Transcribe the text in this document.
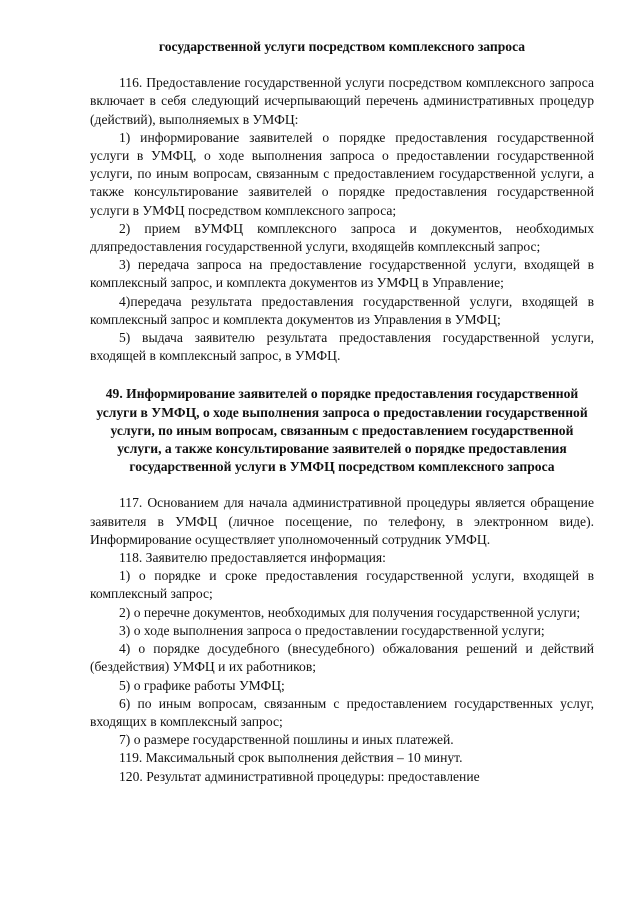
государственной услуги посредством комплексного запроса

116. Предоставление государственной услуги посредством комплексного запроса включает в себя следующий исчерпывающий перечень административных процедур (действий), выполняемых в УМФЦ:

1) информирование заявителей о порядке предоставления государственной услуги в УМФЦ, о ходе выполнения запроса о предоставлении государственной услуги, по иным вопросам, связанным с предоставлением государственной услуги, а также консультирование заявителей о порядке предоставления государственной услуги в УМФЦ посредством комплексного запроса;

2) прием вУМФЦ комплексного запроса и документов, необходимых дляпредоставления государственной услуги, входящейв комплексный запрос;

3) передача запроса на предоставление государственной услуги, входящей в комплексный запрос, и комплекта документов из УМФЦ в Управление;

4)передача результата предоставления государственной услуги, входящей в комплексный запрос и комплекта документов из Управления в УМФЦ;

5) выдача заявителю результата предоставления государственной услуги, входящей в комплексный запрос, в УМФЦ.

49. Информирование заявителей о порядке предоставления государственной услуги в УМФЦ, о ходе выполнения запроса о предоставлении государственной услуги, по иным вопросам, связанным с предоставлением государственной услуги, а также консультирование заявителей о порядке предоставления государственной услуги в УМФЦ посредством комплексного запроса

117. Основанием для начала административной процедуры является обращение заявителя в УМФЦ (личное посещение, по телефону, в электронном виде). Информирование осуществляет уполномоченный сотрудник УМФЦ.

118. Заявителю предоставляется информация:

1) о порядке и сроке предоставления государственной услуги, входящей в комплексный запрос;

2) о перечне документов, необходимых для получения государственной услуги;

3) о ходе выполнения запроса о предоставлении государственной услуги;

4) о порядке досудебного (внесудебного) обжалования решений и действий (бездействия) УМФЦ и их работников;

5) о графике работы УМФЦ;

6) по иным вопросам, связанным с предоставлением государственных услуг, входящих в комплексный запрос;

7) о размере государственной пошлины и иных платежей.

119. Максимальный срок выполнения действия – 10 минут.

120. Результат административной процедуры: предоставление
